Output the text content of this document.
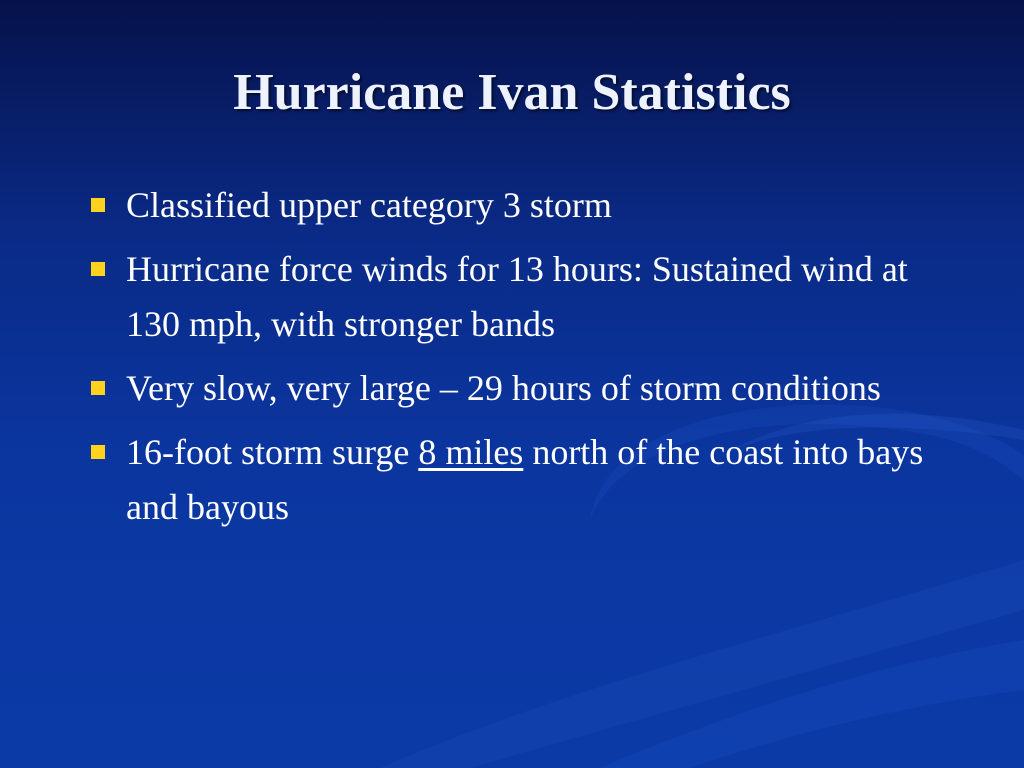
Hurricane Ivan Statistics
Classified upper category 3 storm
Hurricane force winds for 13 hours: Sustained wind at 130 mph, with stronger bands
Very slow, very large – 29 hours of storm conditions
16-foot storm surge 8 miles north of the coast into bays and bayous
